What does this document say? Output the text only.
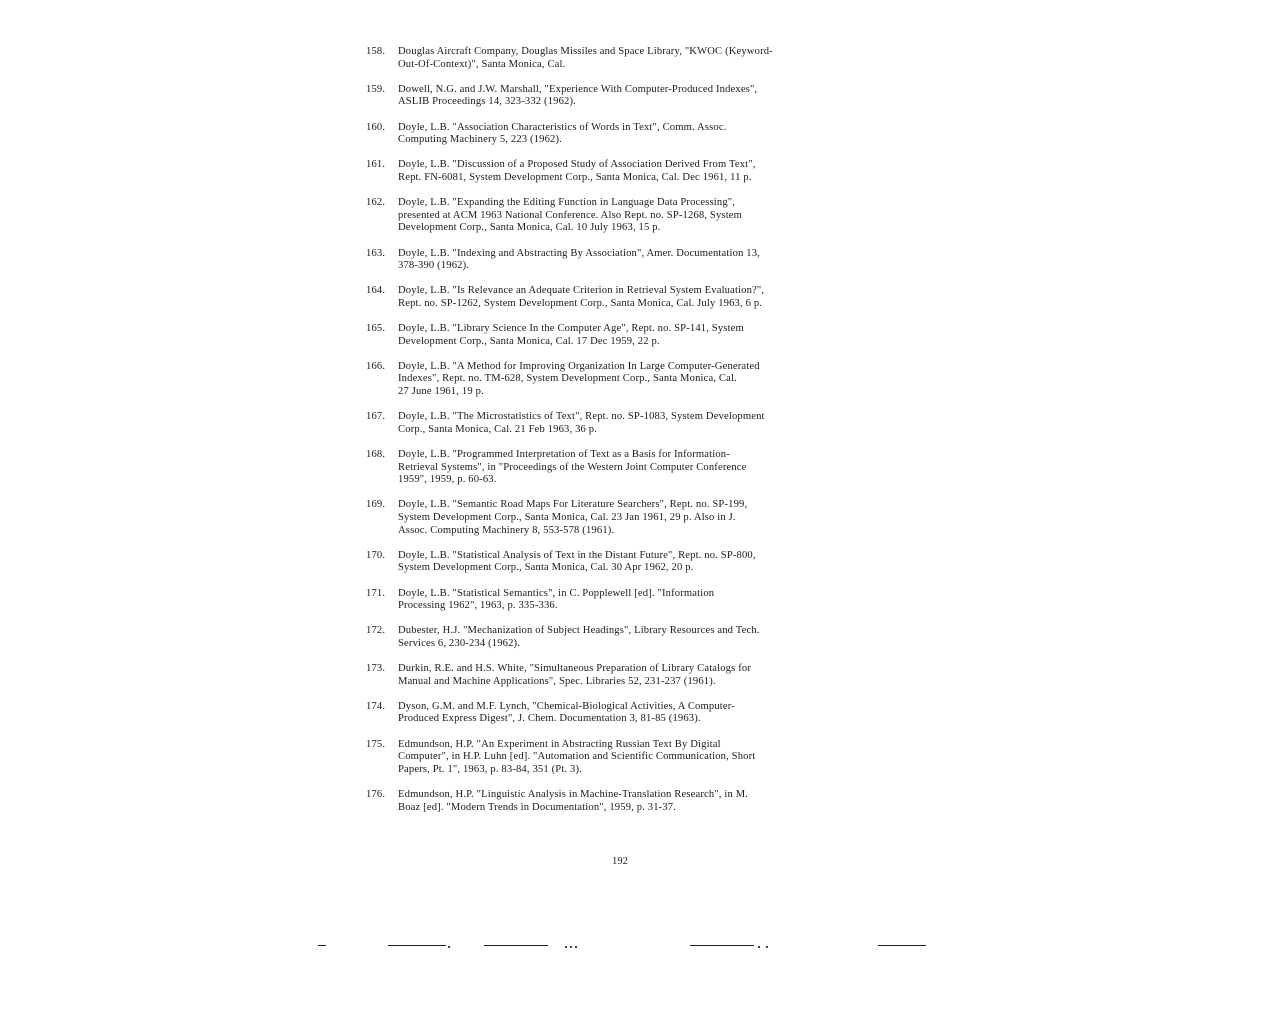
158. Douglas Aircraft Company, Douglas Missiles and Space Library, "KWOC (Keyword-
Out-Of-Context)", Santa Monica, Cal.
159. Dowell, N.G. and J.W. Marshall, "Experience With Computer-Produced Indexes",
ASLIB Proceedings 14, 323-332 (1962).
160. Doyle, L.B. "Association Characteristics of Words in Text", Comm. Assoc.
Computing Machinery 5, 223 (1962).
161. Doyle, L.B. "Discussion of a Proposed Study of Association Derived From Text",
Rept. FN-6081, System Development Corp., Santa Monica, Cal. Dec 1961, 11 p.
162. Doyle, L.B. "Expanding the Editing Function in Language Data Processing",
presented at ACM 1963 National Conference. Also Rept. no. SP-1268, System
Development Corp., Santa Monica, Cal. 10 July 1963, 15 p.
163. Doyle, L.B. "Indexing and Abstracting By Association", Amer. Documentation 13,
378-390 (1962).
164. Doyle, L.B. "Is Relevance an Adequate Criterion in Retrieval System Evaluation?",
Rept. no. SP-1262, System Development Corp., Santa Monica, Cal. July 1963, 6 p.
165. Doyle, L.B. "Library Science In the Computer Age", Rept. no. SP-141, System
Development Corp., Santa Monica, Cal. 17 Dec 1959, 22 p.
166. Doyle, L.B. "A Method for Improving Organization In Large Computer-Generated
Indexes", Rept. no. TM-628, System Development Corp., Santa Monica, Cal.
27 June 1961, 19 p.
167. Doyle, L.B. "The Microstatistics of Text", Rept. no. SP-1083, System Development
Corp., Santa Monica, Cal. 21 Feb 1963, 36 p.
168. Doyle, L.B. "Programmed Interpretation of Text as a Basis for Information-
Retrieval Systems", in "Proceedings of the Western Joint Computer Conference
1959", 1959, p. 60-63.
169. Doyle, L.B. "Semantic Road Maps For Literature Searchers", Rept. no. SP-199,
System Development Corp., Santa Monica, Cal. 23 Jan 1961, 29 p. Also in J.
Assoc. Computing Machinery 8, 553-578 (1961).
170. Doyle, L.B. "Statistical Analysis of Text in the Distant Future", Rept. no. SP-800,
System Development Corp., Santa Monica, Cal. 30 Apr 1962, 20 p.
171. Doyle, L.B. "Statistical Semantics", in C. Popplewell [ed]. "Information
Processing 1962", 1963, p. 335-336.
172. Dubester, H.J. "Mechanization of Subject Headings", Library Resources and Tech.
Services 6, 230-234 (1962).
173. Durkin, R.E. and H.S. White, "Simultaneous Preparation of Library Catalogs for
Manual and Machine Applications", Spec. Libraries 52, 231-237 (1961).
174. Dyson, G.M. and M.F. Lynch, "Chemical-Biological Activities, A Computer-
Produced Express Digest", J. Chem. Documentation 3, 81-85 (1963).
175. Edmundson, H.P. "An Experiment in Abstracting Russian Text By Digital
Computer", in H.P. Luhn [ed]. "Automation and Scientific Communication, Short
Papers, Pt. 1", 1963, p. 83-84, 351 (Pt. 3).
176. Edmundson, H.P. "Linguistic Analysis in Machine-Translation Research", in M.
Boaz [ed]. "Modern Trends in Documentation", 1959, p. 31-37.
192
